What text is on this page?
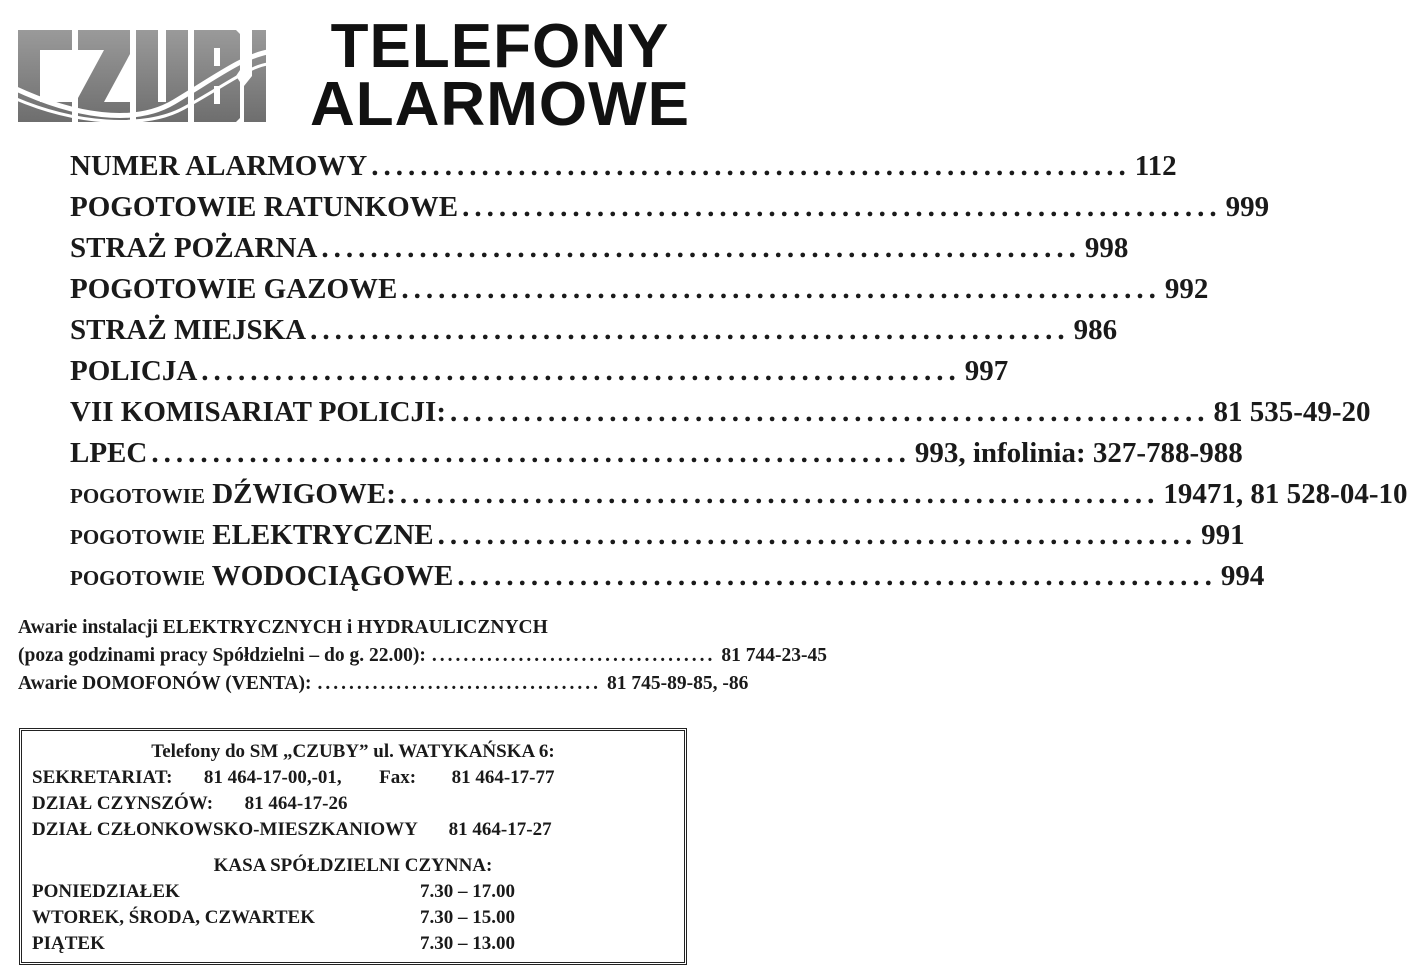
TELEFONY
ALARMOWE
NUMER ALARMOWY .............................................................. 112
POGOTOWIE RATUNKOWE .............................................................. 999
STRAŻ POŻARNA .............................................................. 998
POGOTOWIE GAZOWE .............................................................. 992
STRAŻ MIEJSKA .............................................................. 986
POLICJA .............................................................. 997
VII KOMISARIAT POLICJI: .............................................................. 81 535-49-20
LPEC .............................................................. 993, infolinia: 327-788-988
POGOTOWIE DŹWIGOWE: .............................................................. 19471, 81 528-04-10
POGOTOWIE ELEKTRYCZNE .............................................................. 991
POGOTOWIE WODOCIĄGOWE .............................................................. 994
Awarie instalacji ELEKTRYCZNYCH i HYDRAULICZNYCH
(poza godzinami pracy Spółdzielni – do g. 22.00): .................................... 81 744-23-45
Awarie DOMOFONÓW (VENTA): .................................... 81 745-89-85, -86
Telefony do SM „CZUBY” ul. WATYKAŃSKA 6:
SEKRETARIAT: 81 464-17-00,-01, Fax: 81 464-17-77
DZIAŁ CZYNSZÓW: 81 464-17-26
DZIAŁ CZŁONKOWSKO-MIESZKANIOWY 81 464-17-27
KASA SPÓŁDZIELNI CZYNNA:
PONIEDZIAŁEK	7.30 – 17.00
WTOREK, ŚRODA, CZWARTEK	7.30 – 15.00
PIĄTEK	7.30 – 13.00
